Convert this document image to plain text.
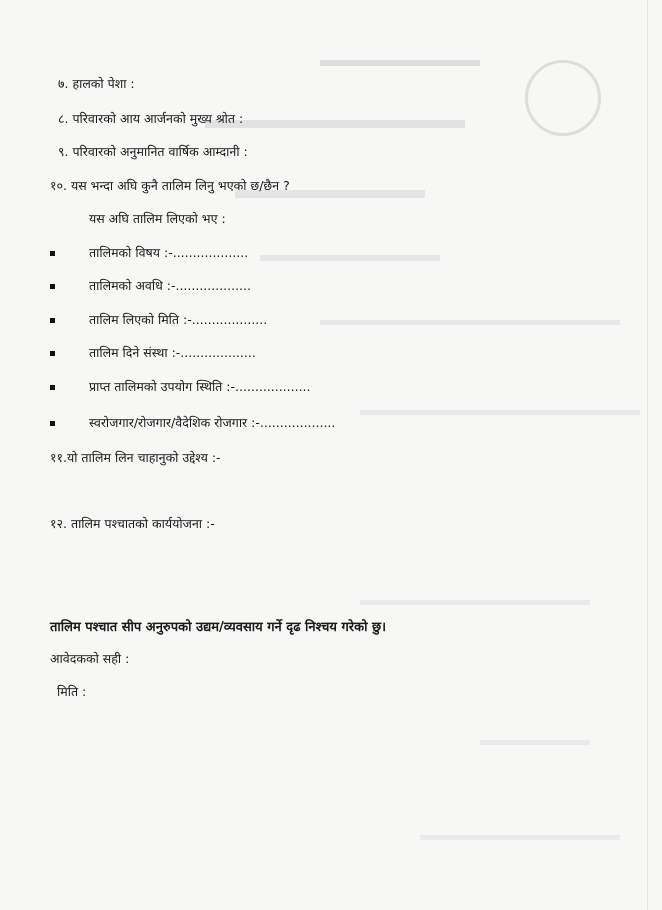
७. हालको पेशा :
८. परिवारको आय आर्जनको मुख्य श्रोत :
९. परिवारको अनुमानित वार्षिक आम्दानी :
१०. यस भन्दा अघि कुनै तालिम लिनु भएको छ/छैन ?
यस अघि तालिम लिएको भए :
तालिमको विषय :-...................
तालिमको अवधि :-...................
तालिम लिएको मिति :-...................
तालिम दिने संस्था :-...................
प्राप्त तालिमको उपयोग स्थिति :-...................
स्वरोजगार/रोजगार/वैदेशिक रोजगार :-...................
११.यो तालिम लिन चाहानुको उद्देश्य :-
१२. तालिम पश्चातको कार्ययोजना :-
तालिम पश्चात सीप अनुरुपको उद्यम/व्यवसाय गर्ने दृढ निश्चय गरेको छु।
आवेदकको सही :
मिति :
